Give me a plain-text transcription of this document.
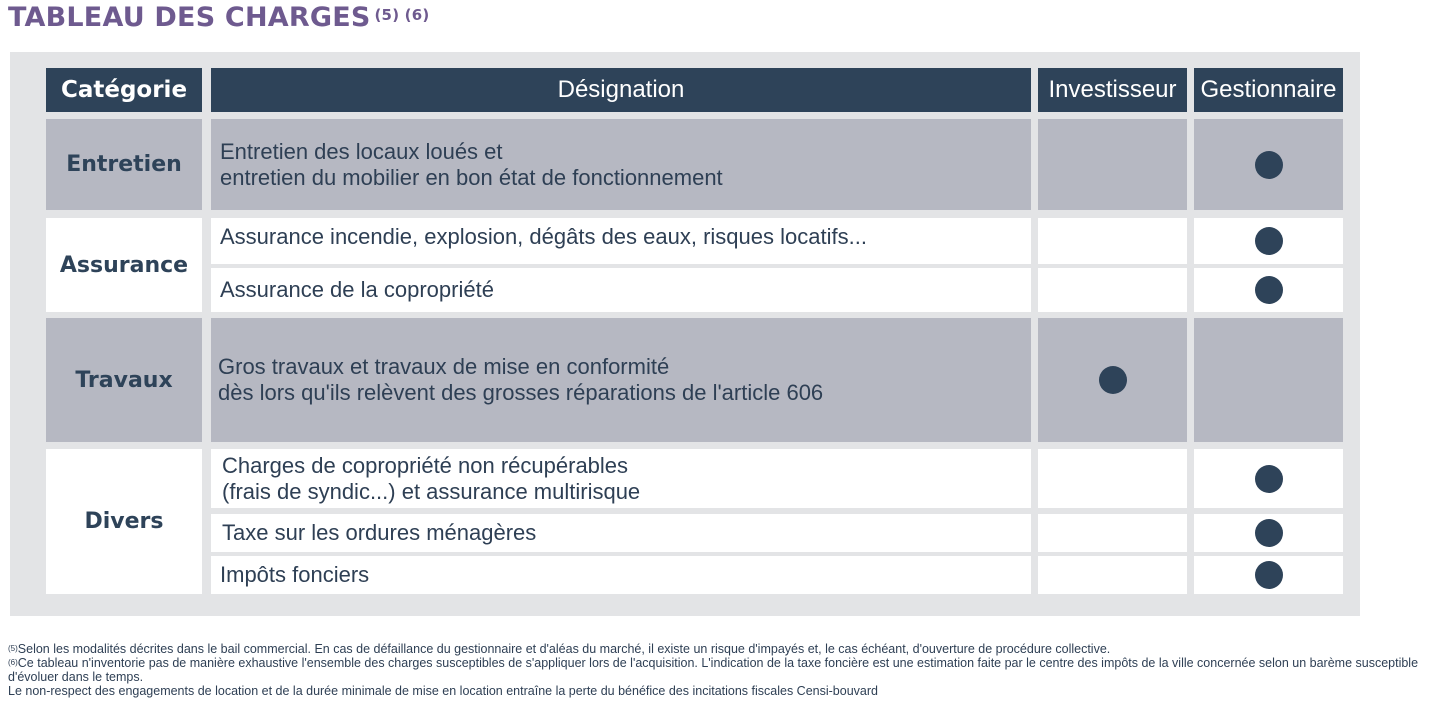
TABLEAU DES CHARGES $^{(5) (6)}$
Catégorie	Désignation	Investisseur Gestionnaire
Entretien
Entretien des locaux loués et
entretien du mobilier en bon état de fonctionnement
Assurance
Assurance incendie, explosion, dégâts des eaux, risques locatifs...
Assurance de la copropriété
Travaux
Gros travaux et travaux de mise en conformité
dès lors qu'ils relèvent des grosses réparations de l'article 606
Divers
Charges de copropriété non récupérables
(frais de syndic...) et assurance multirisque
Taxe sur les ordures ménagères
Impôts fonciers

$^{(5)}$Selon les modalités décrites dans le bail commercial. En cas de défaillance du gestionnaire et d'aléas du marché, il existe un risque d'impayés et, le cas échéant, d'ouverture de procédure collective.

$^{(6)}$Ce tableau n'inventorie pas de manière exhaustive l'ensemble des charges susceptibles de s'appliquer lors de l'acquisition. L'indication de la taxe foncière est une estimation faite par le centre des impôts de la ville concernée selon un barème susceptible d'évoluer dans le temps.

Le non-respect des engagements de location et de la durée minimale de mise en location entraîne la perte du bénéfice des incitations fiscales Censi-bouvard
